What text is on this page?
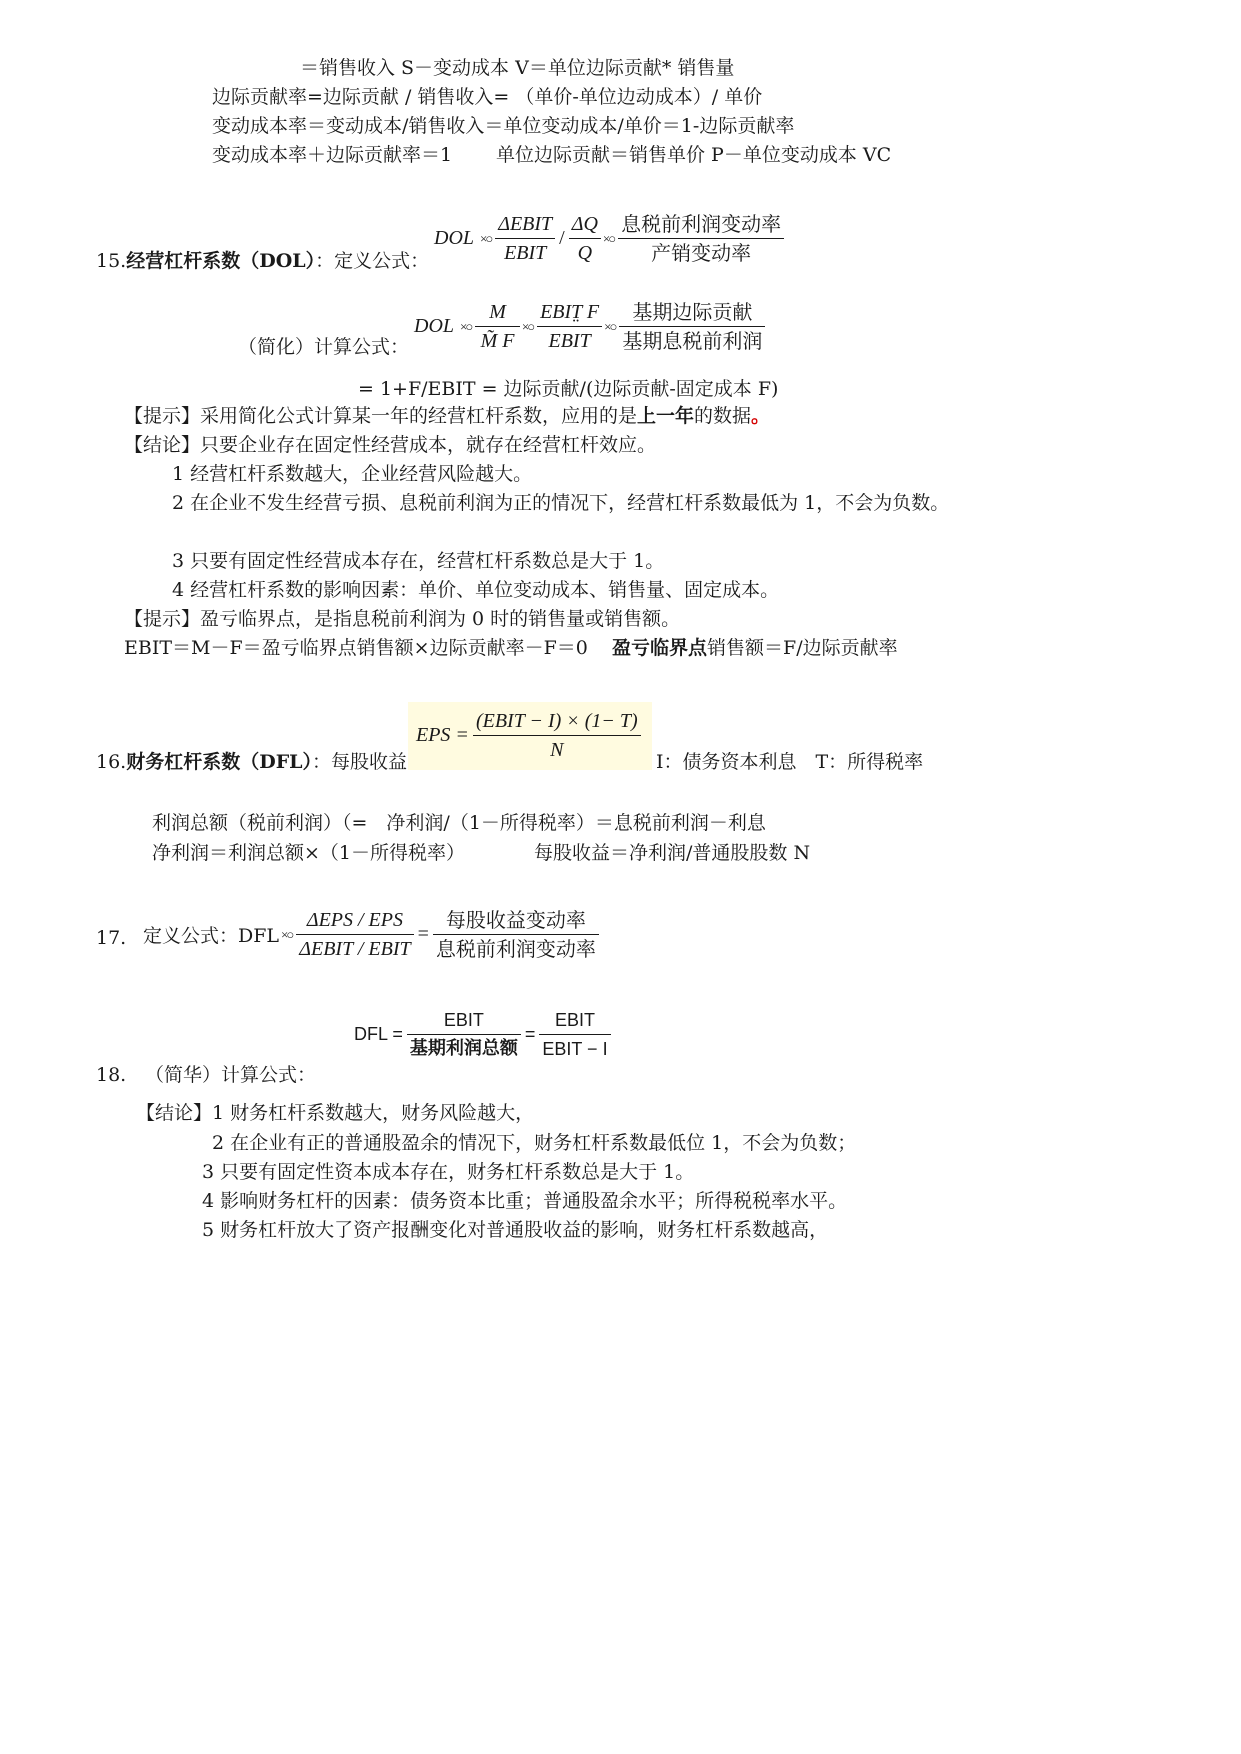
＝销售收入 S－变动成本 V＝单位边际贡献* 销售量
边际贡献率=边际贡献 / 销售收入= （单价-单位边动成本）/ 单价
变动成本率＝变动成本/销售收入＝单位变动成本/单价＝1-边际贡献率
变动成本率＋边际贡献率＝1 单位边际贡献＝销售单价 P－单位变动成本 VC
15.经营杠杆系数（DOL）：定义公式：
DOL ×○ $\frac{\text{ΔEBIT}}{\text{EBIT}} / \frac{\Delta Q}{Q}$ ×○ $\frac{\text{息税前利润变动率}}{\text{产销变动率}}$
（简化）计算公式：
DOL ×○ $\frac{M}{M̃ F}$ ×○ $\frac{\text{EBIT̤ F}}{\text{EBIT}}$ ×○ $\frac{\text{基期边际贡献}}{\text{基期息税前利润}}$
= 1+F/EBIT = 边际贡献/(边际贡献-固定成本 F)
【提示】采用简化公式计算某一年的经营杠杆系数，应用的是上一年的数据。
【结论】只要企业存在固定性经营成本，就存在经营杠杆效应。
1 经营杠杆系数越大，企业经营风险越大。
2 在企业不发生经营亏损、息税前利润为正的情况下，经营杠杆系数最低为 1，不会为负数。
3 只要有固定性经营成本存在，经营杠杆系数总是大于 1。
4 经营杠杆系数的影响因素：单价、单位变动成本、销售量、固定成本。
【提示】盈亏临界点，是指息税前利润为 0 时的销售量或销售额。
EBIT＝M－F＝盈亏临界点销售额×边际贡献率－F＝0 盈亏临界点销售额＝F/边际贡献率
16.财务杠杆系数（DFL）：每股收益
EPS = $\frac{\text{(EBIT − I) × (1− T)}}{N}$ I：债务资本利息　T：所得税率
利润总额（税前利润）（=　净利润/（1－所得税率）＝息税前利润－利息
净利润＝利润总额×（1－所得税率）	每股收益＝净利润/普通股股数 N
17. 定义公式：DFL ×○ $\frac{\text{ΔEPS / EPS}}{\text{ΔEBIT / EBIT}} = \frac{\text{每股收益变动率}}{\text{息税前利润变动率}}$
DFL = $\frac{\text{EBIT}}{\text{基期利润总额}} = \frac{\text{EBIT}}{\text{EBIT − I}}$
18. （简华）计算公式：
【结论】1 财务杠杆系数越大，财务风险越大，
2 在企业有正的普通股盈余的情况下，财务杠杆系数最低位 1，不会为负数；
3 只要有固定性资本成本存在，财务杠杆系数总是大于 1。
4 影响财务杠杆的因素：债务资本比重；普通股盈余水平；所得税税率水平。
5 财务杠杆放大了资产报酬变化对普通股收益的影响，财务杠杆系数越高，
